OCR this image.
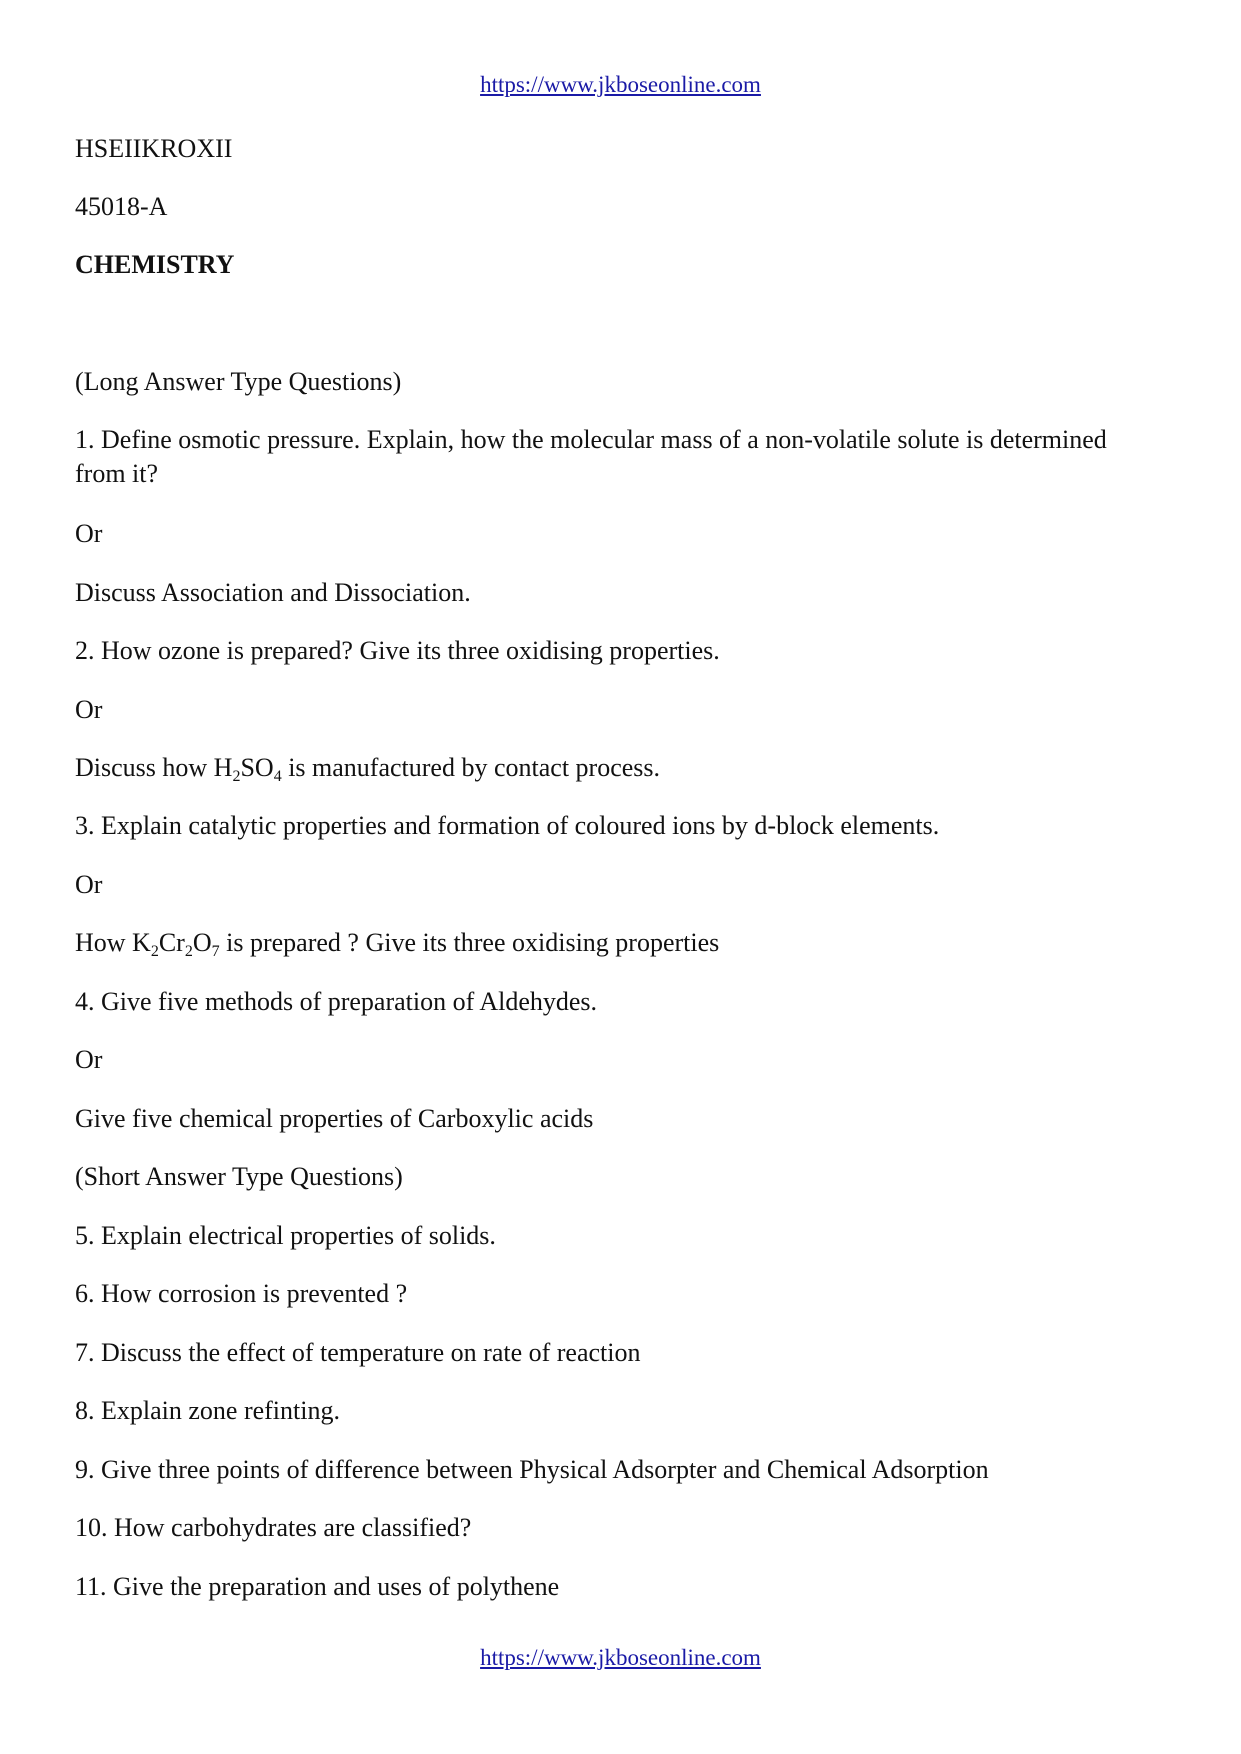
https://www.jkboseonline.com
HSEIIKROXII
45018-A
CHEMISTRY
(Long Answer Type Questions)
1. Define osmotic pressure. Explain, how the molecular mass of a non-volatile solute is determined from it?
Or
Discuss Association and Dissociation.
2. How ozone is prepared? Give its three oxidising properties.
Or
Discuss how $H_2SO_4$ is manufactured by contact process.
3. Explain catalytic properties and formation of coloured ions by d-block elements.
Or
How $K_2Cr_2O_7$ is prepared ? Give its three oxidising properties
4. Give five methods of preparation of Aldehydes.
Or
Give five chemical properties of Carboxylic acids
(Short Answer Type Questions)
5. Explain electrical properties of solids.
6. How corrosion is prevented ?
7. Discuss the effect of temperature on rate of reaction
8. Explain zone refinting.
9. Give three points of difference between Physical Adsorpter and Chemical Adsorption
10. How carbohydrates are classified?
11. Give the preparation and uses of polythene
https://www.jkboseonline.com
